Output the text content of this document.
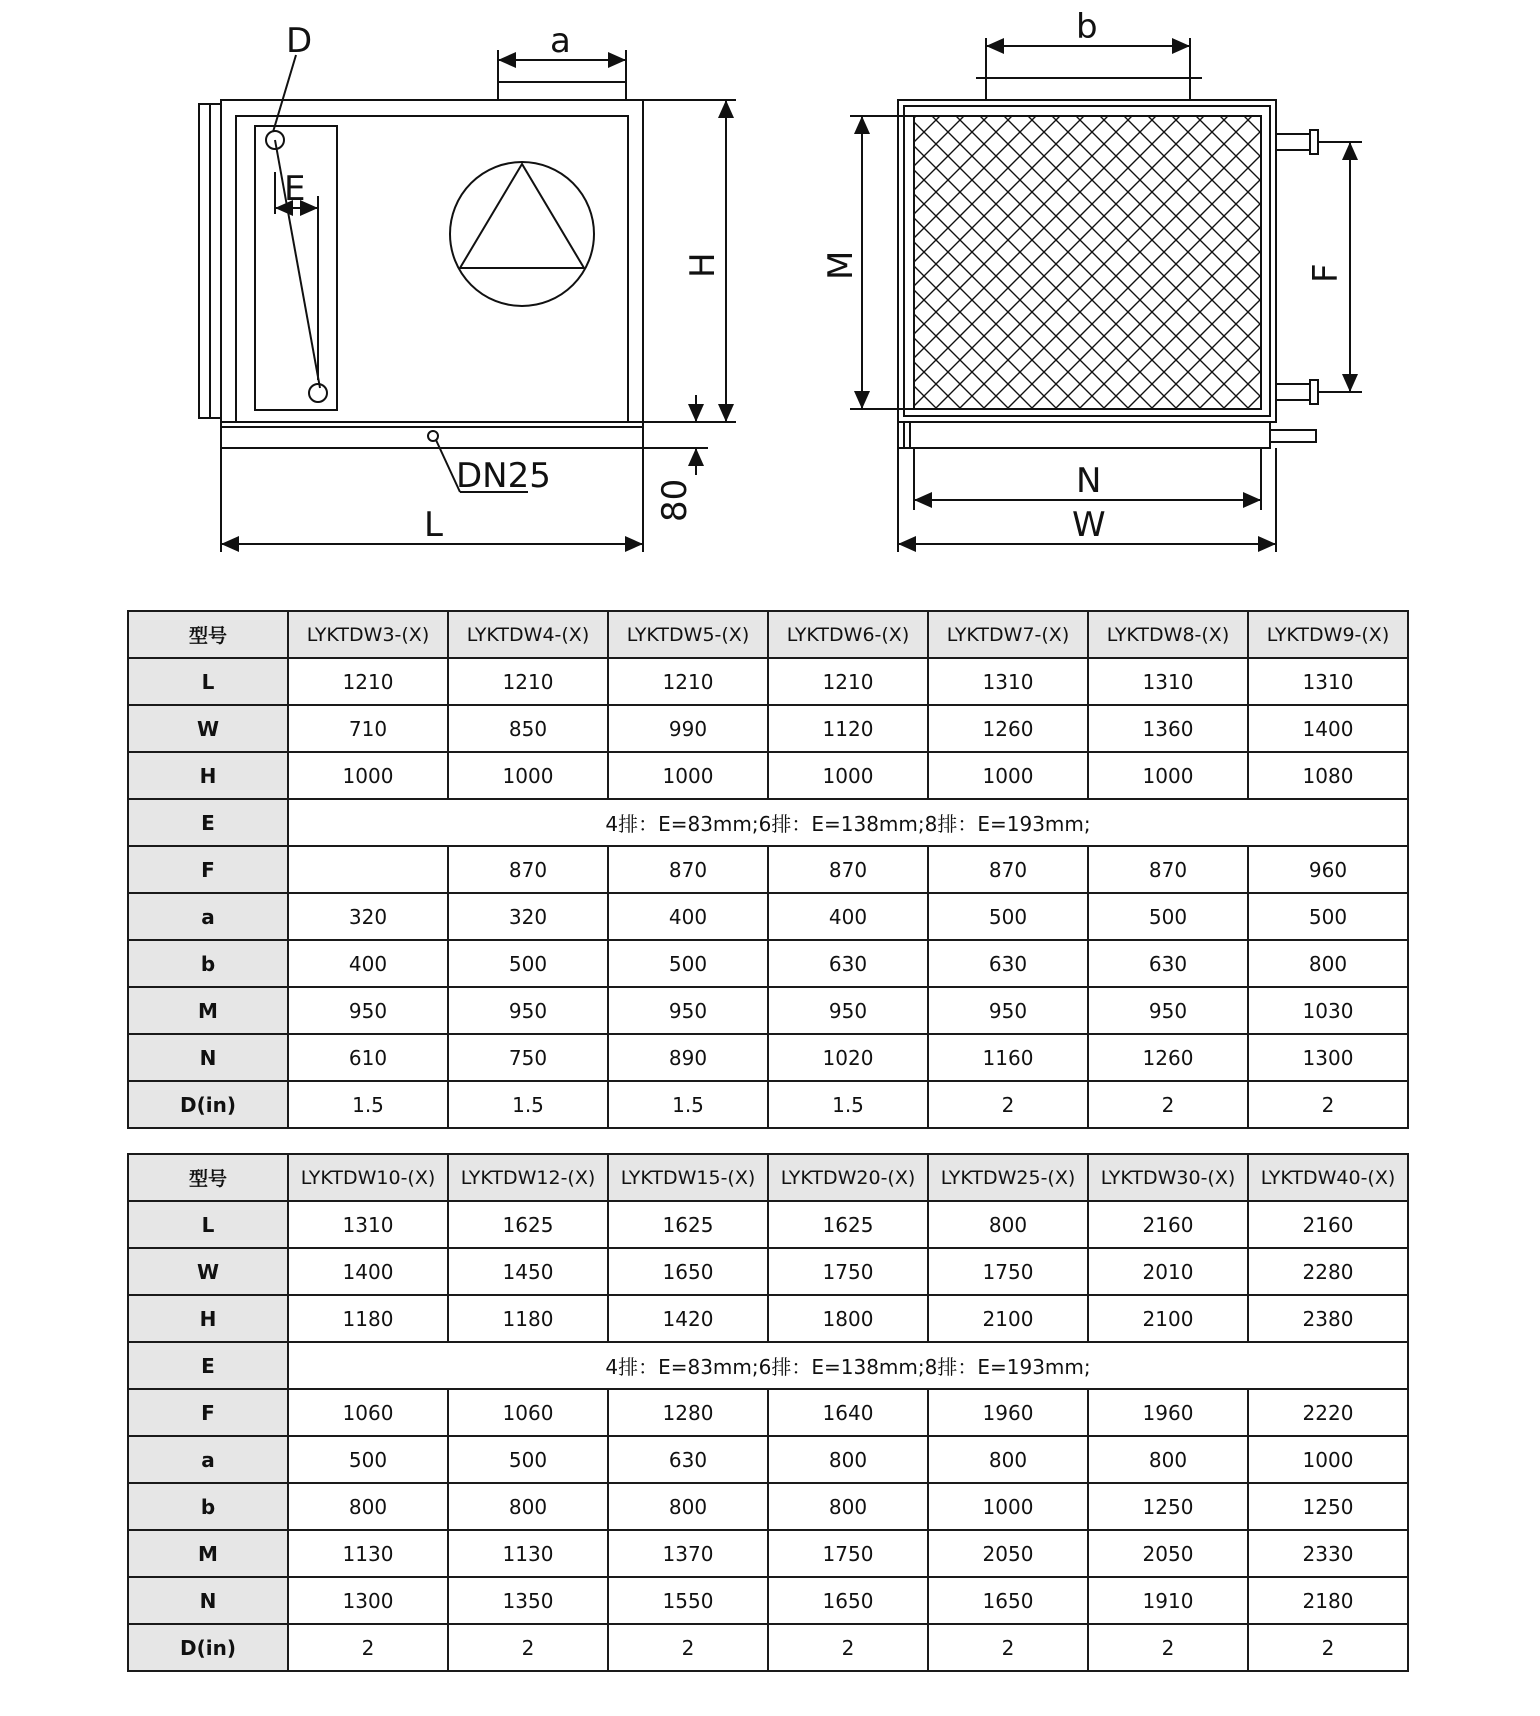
D
E
a
H
DN25
80
L
b
M	F
N
W
型号	LYKTDW3-(X)	LYKTDW4-(X)	LYKTDW5-(X)	LYKTDW6-(X)	LYKTDW7-(X)	LYKTDW8-(X)	LYKTDW9-(X)
L	1210	1210	1210	1210	1310	1310	1310
W	710	850	990	1120	1260	1360	1400
H	1000	1000	1000	1000	1000	1000	1080
E	4排：E=83mm;6排：E=138mm;8排：E=193mm;						
F		870	870	870	870	870	960
a	320	320	400	400	500	500	500
b	400	500	500	630	630	630	800
M	950	950	950	950	950	950	1030
N	610	750	890	1020	1160	1260	1300
D(in)	1.5	1.5	1.5	1.5	2	2	2
型号	LYKTDW10-(X)	LYKTDW12-(X)	LYKTDW15-(X)	LYKTDW20-(X)	LYKTDW25-(X)	LYKTDW30-(X)	LYKTDW40-(X)
L	1310	1625	1625	1625	800	2160	2160
W	1400	1450	1650	1750	1750	2010	2280
H	1180	1180	1420	1800	2100	2100	2380
E	4排：E=83mm;6排：E=138mm;8排：E=193mm;						
F	1060	1060	1280	1640	1960	1960	2220
a	500	500	630	800	800	800	1000
b	800	800	800	800	1000	1250	1250
M	1130	1130	1370	1750	2050	2050	2330
N	1300	1350	1550	1650	1650	1910	2180
D(in)	2	2	2	2	2	2	2
